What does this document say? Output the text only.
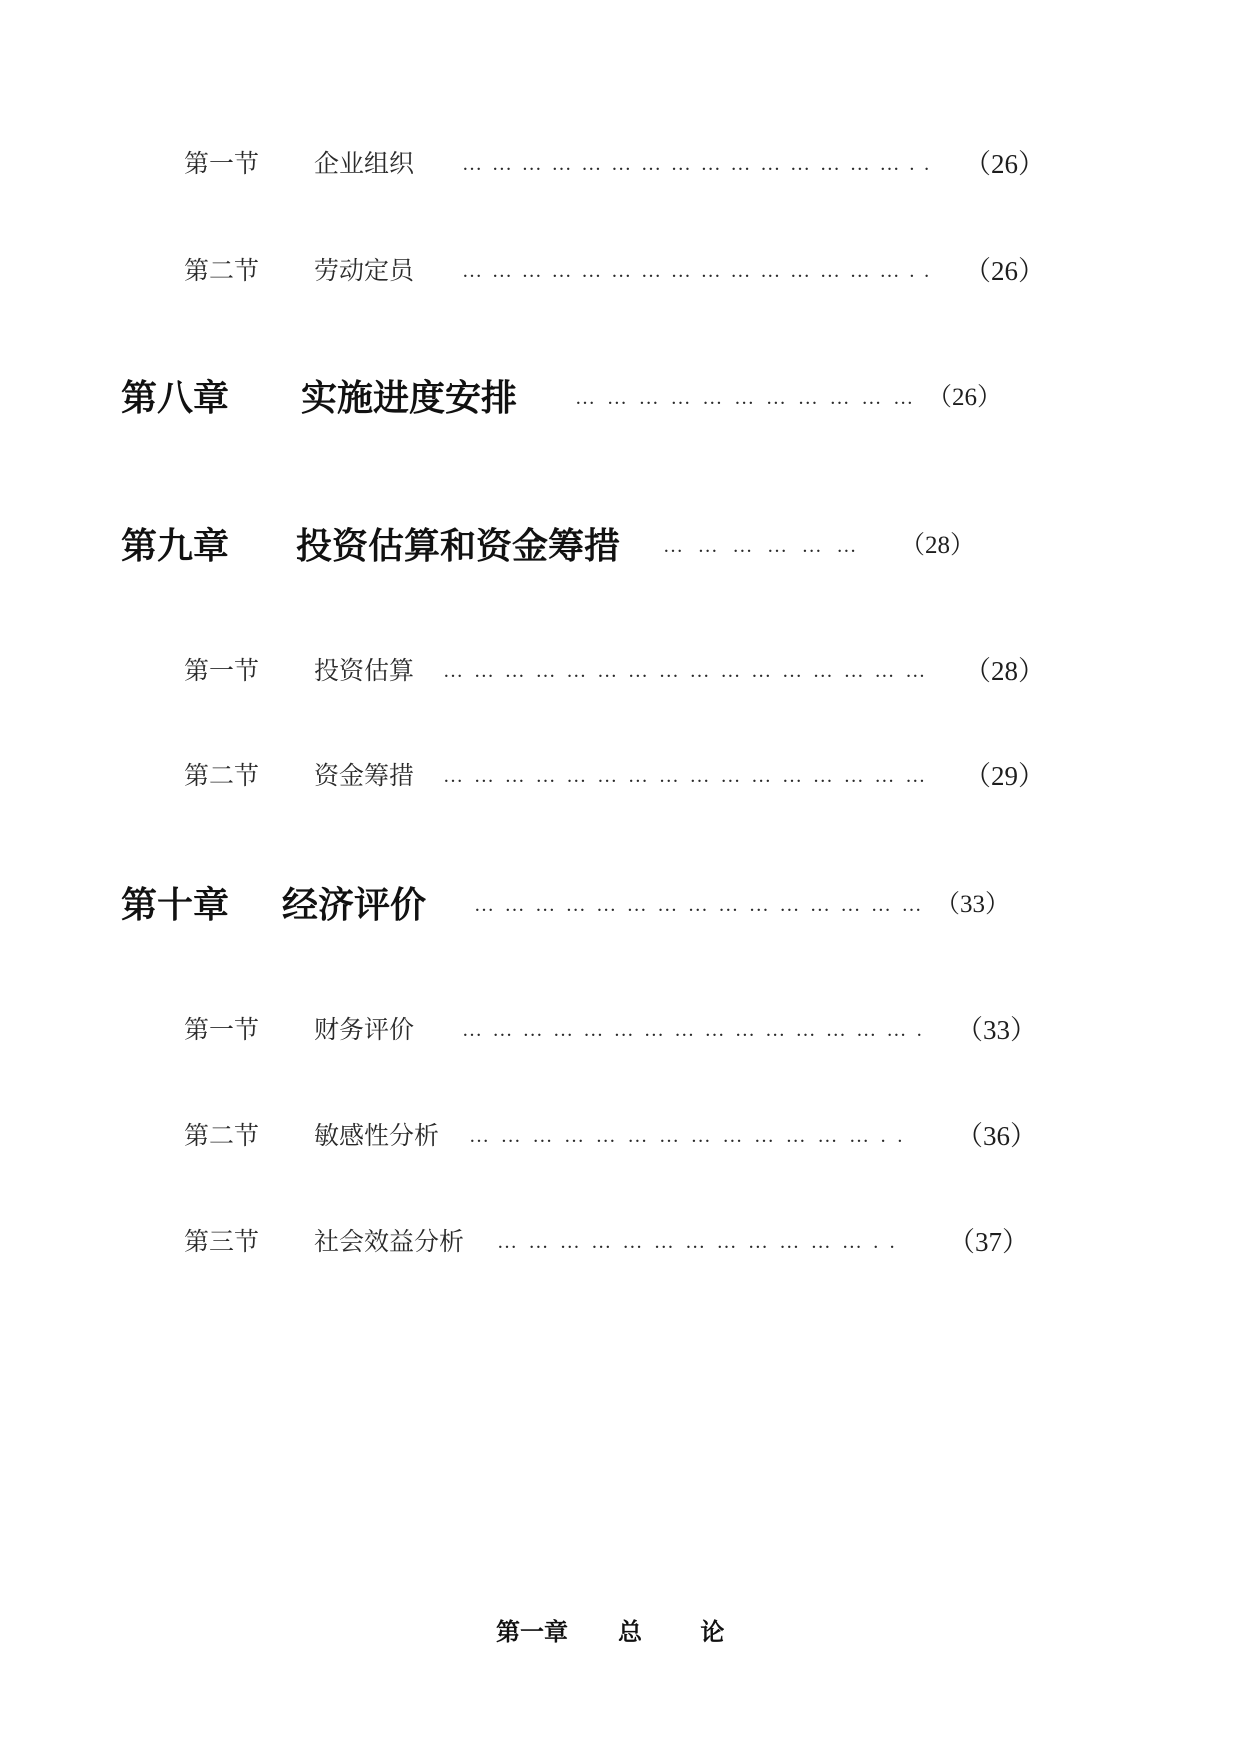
第一节 企业组织 ……………………………………….. （26）
第二节 劳动定员 ……………………………………….. （26）
第八章 实施进度安排	…………………………… （26）
第九章 投资估算和资金筹措 ……………… （28）
第一节 投资估算 ………………………………………… （28）
第二节 资金筹措 ………………………………………… （29）
第十章 经济评价 ……………………………………… （33）
第一节 财务评价 ………………………………………. （33）
第二节 敏感性分析 ………………………………….. （36）
第三节 社会效益分析 ……………………………….. （37）
第一章 总 论
